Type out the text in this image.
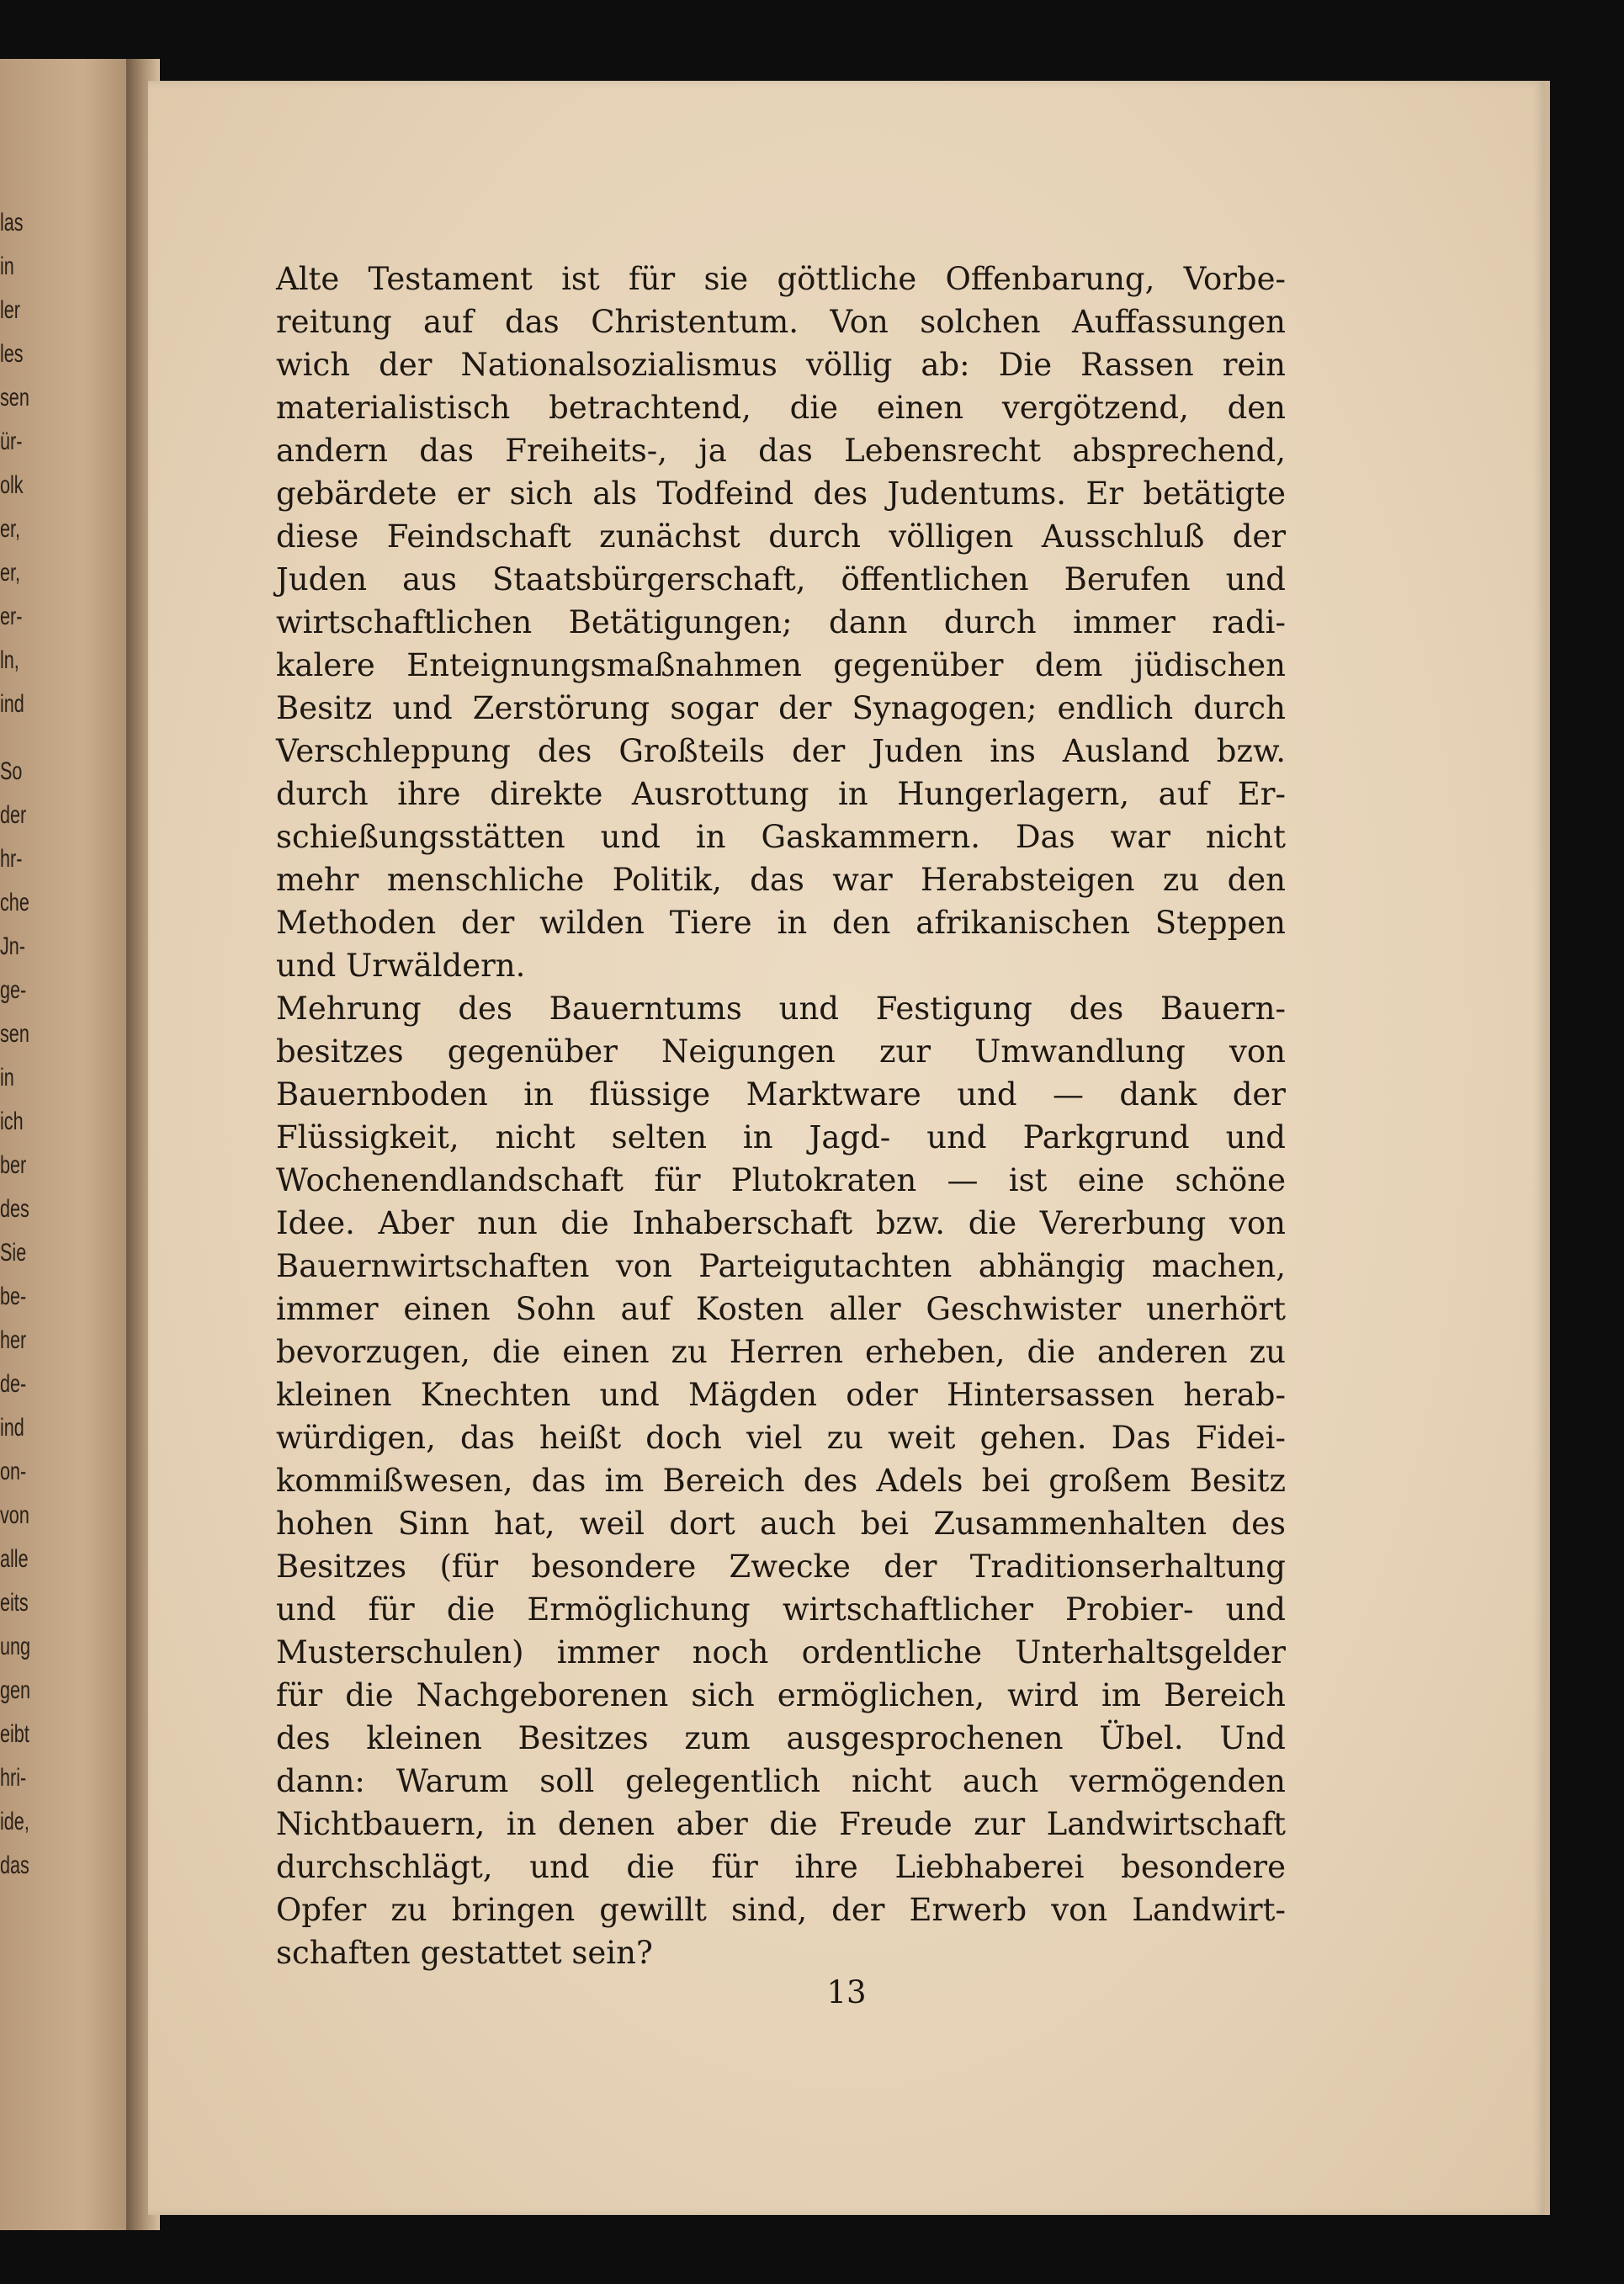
las
in
ler
les
sen
ür-
olk
er,
er,
er-
ln,
ind
So
der
hr-
che
Jn-
ge-
sen
in
ich
ber
des
Sie
be-
her
de-
ind
on-
von
alle
eits
ung
gen
eibt
hri-
ide,
das
Alte Testament ist für sie göttliche Offenbarung, Vorbe-
reitung auf das Christentum. Von solchen Auffassungen
wich der Nationalsozialismus völlig ab: Die Rassen rein
materialistisch betrachtend, die einen vergötzend, den
andern das Freiheits-, ja das Lebensrecht absprechend,
gebärdete er sich als Todfeind des Judentums. Er betätigte
diese Feindschaft zunächst durch völligen Ausschluß der
Juden aus Staatsbürgerschaft, öffentlichen Berufen und
wirtschaftlichen Betätigungen; dann durch immer radi-
kalere Enteignungsmaßnahmen gegenüber dem jüdischen
Besitz und Zerstörung sogar der Synagogen; endlich durch
Verschleppung des Großteils der Juden ins Ausland bzw.
durch ihre direkte Ausrottung in Hungerlagern, auf Er-
schießungsstätten und in Gaskammern. Das war nicht
mehr menschliche Politik, das war Herabsteigen zu den
Methoden der wilden Tiere in den afrikanischen Steppen
und Urwäldern.
Mehrung des Bauerntums und Festigung des Bauern-
besitzes gegenüber Neigungen zur Umwandlung von
Bauernboden in flüssige Marktware und — dank der
Flüssigkeit, nicht selten in Jagd- und Parkgrund und
Wochenendlandschaft für Plutokraten — ist eine schöne
Idee. Aber nun die Inhaberschaft bzw. die Vererbung von
Bauernwirtschaften von Parteigutachten abhängig machen,
immer einen Sohn auf Kosten aller Geschwister unerhört
bevorzugen, die einen zu Herren erheben, die anderen zu
kleinen Knechten und Mägden oder Hintersassen herab-
würdigen, das heißt doch viel zu weit gehen. Das Fidei-
kommißwesen, das im Bereich des Adels bei großem Besitz
hohen Sinn hat, weil dort auch bei Zusammenhalten des
Besitzes (für besondere Zwecke der Traditionserhaltung
und für die Ermöglichung wirtschaftlicher Probier- und
Musterschulen) immer noch ordentliche Unterhaltsgelder
für die Nachgeborenen sich ermöglichen, wird im Bereich
des kleinen Besitzes zum ausgesprochenen Übel. Und
dann: Warum soll gelegentlich nicht auch vermögenden
Nichtbauern, in denen aber die Freude zur Landwirtschaft
durchschlägt, und die für ihre Liebhaberei besondere
Opfer zu bringen gewillt sind, der Erwerb von Landwirt-
schaften gestattet sein?
13
